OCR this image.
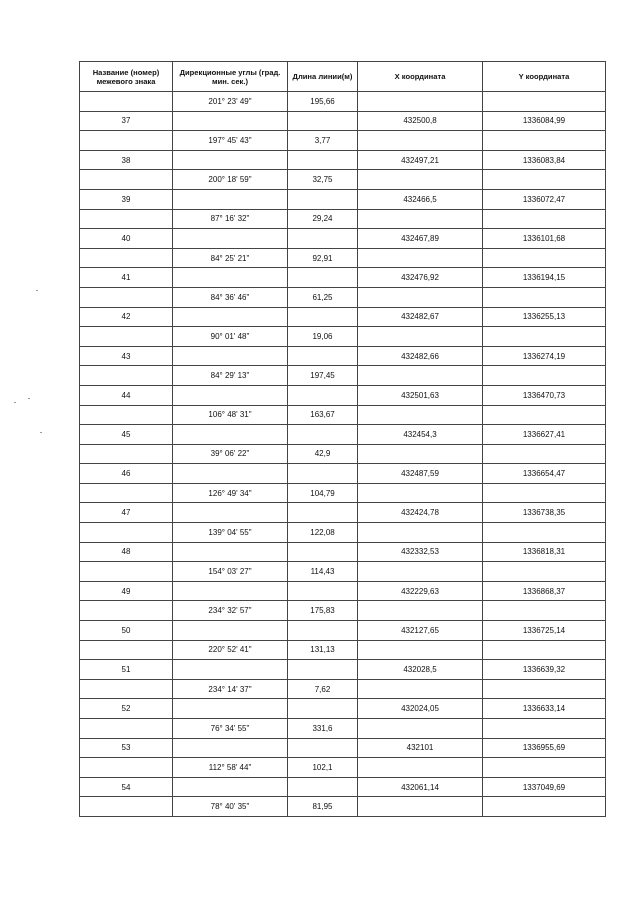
Название (номер) межевого знака	Дирекционные углы (град. мин. сек.)	Длина линии(м)	X координата	Y координата
	201° 23' 49"	195,66		
37			432500,8	1336084,99
	197° 45' 43"	3,77		
38			432497,21	1336083,84
	200° 18' 59"	32,75		
39			432466,5	1336072,47
	87° 16' 32"	29,24		
40			432467,89	1336101,68
	84° 25' 21"	92,91		
41			432476,92	1336194,15
	84° 36' 46"	61,25		
42			432482,67	1336255,13
	90° 01' 48"	19,06		
43			432482,66	1336274,19
	84° 29' 13"	197,45		
44			432501,63	1336470,73
	106° 48' 31"	163,67		
45			432454,3	1336627,41
	39° 06' 22"	42,9		
46			432487,59	1336654,47
	126° 49' 34"	104,79		
47			432424,78	1336738,35
	139° 04' 55"	122,08		
48			432332,53	1336818,31
	154° 03' 27"	114,43		
49			432229,63	1336868,37
	234° 32' 57"	175,83		
50			432127,65	1336725,14
	220° 52' 41"	131,13		
51			432028,5	1336639,32
	234° 14' 37"	7,62		
52			432024,05	1336633,14
	76° 34' 55"	331,6		
53			432101	1336955,69
	112° 58' 44"	102,1		
54			432061,14	1337049,69
	78° 40' 35"	81,95		
